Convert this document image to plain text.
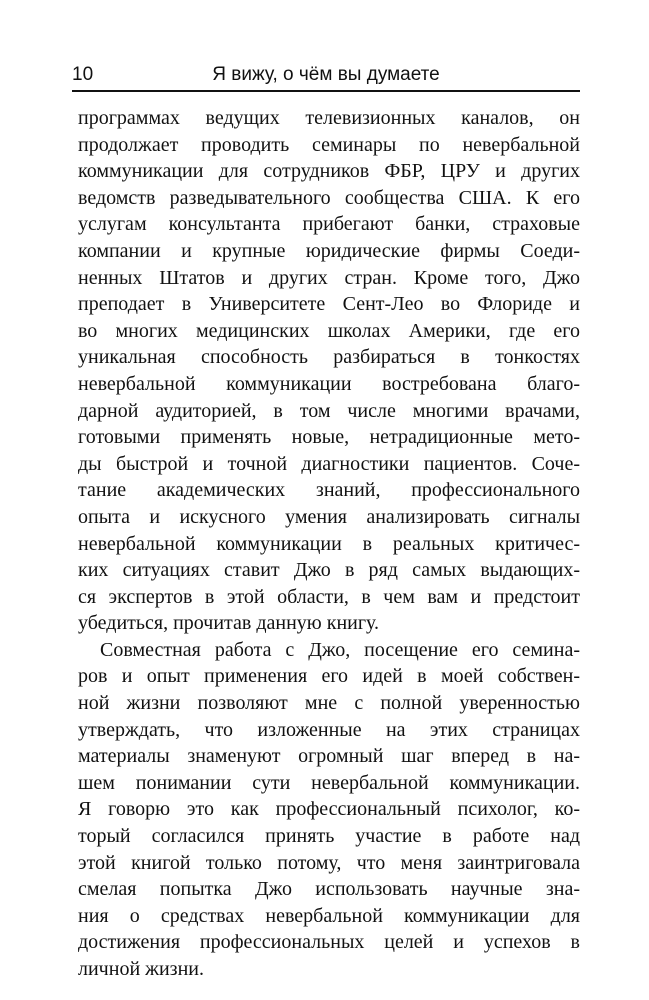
10	Я вижу, о чём вы думаете
программах ведущих телевизионных каналов, он
продолжает проводить семинары по невербальной
коммуникации для сотрудников ФБР, ЦРУ и других
ведомств разведывательного сообщества США. К его
услугам консультанта прибегают банки, страховые
компании и крупные юридические фирмы Соеди-
ненных Штатов и других стран. Кроме того, Джо
преподает в Университете Сент-Лео во Флориде и
во многих медицинских школах Америки, где его
уникальная способность разбираться в тонкостях
невербальной коммуникации востребована благо-
дарной аудиторией, в том числе многими врачами,
готовыми применять новые, нетрадиционные мето-
ды быстрой и точной диагностики пациентов. Соче-
тание академических знаний, профессионального
опыта и искусного умения анализировать сигналы
невербальной коммуникации в реальных критичес-
ких ситуациях ставит Джо в ряд самых выдающих-
ся экспертов в этой области, в чем вам и предстоит
убедиться, прочитав данную книгу.
Совместная работа с Джо, посещение его семина-
ров и опыт применения его идей в моей собствен-
ной жизни позволяют мне с полной уверенностью
утверждать, что изложенные на этих страницах
материалы знаменуют огромный шаг вперед в на-
шем понимании сути невербальной коммуникации.
Я говорю это как профессиональный психолог, ко-
торый согласился принять участие в работе над
этой книгой только потому, что меня заинтриговала
смелая попытка Джо использовать научные зна-
ния о средствах невербальной коммуникации для
достижения профессиональных целей и успехов в
личной жизни.
